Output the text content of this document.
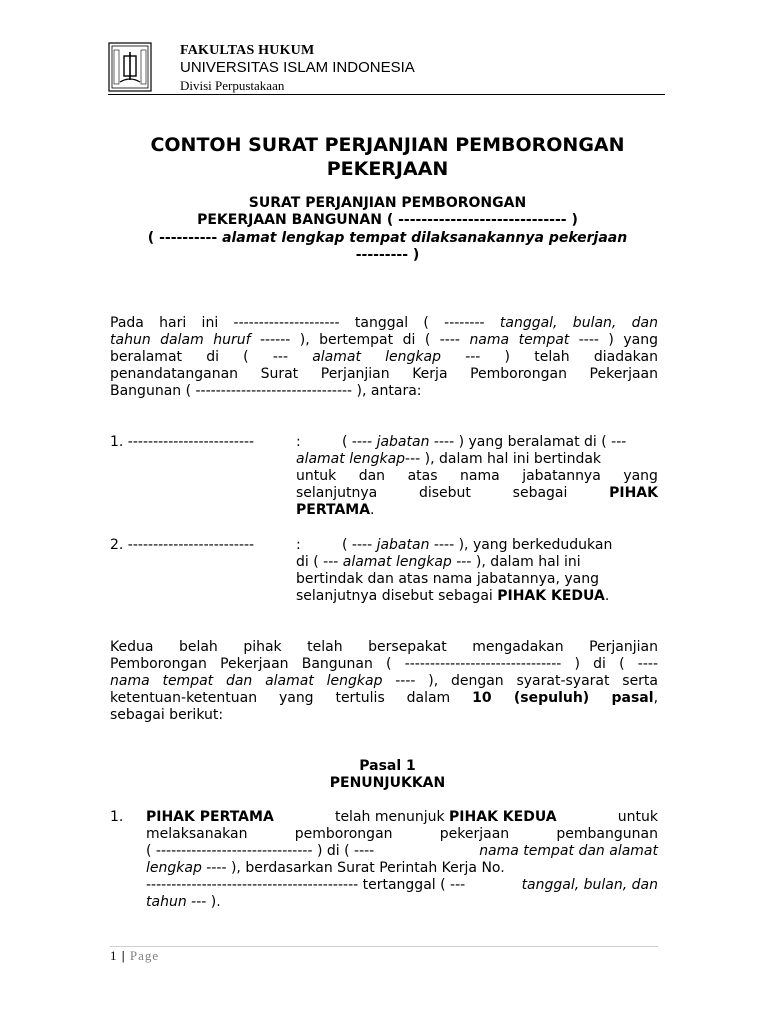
FAKULTAS HUKUM
UNIVERSITAS ISLAM INDONESIA
Divisi Perpustakaan
CONTOH SURAT PERJANJIAN PEMBORONGAN
PEKERJAAN
SURAT PERJANJIAN PEMBORONGAN
PEKERJAAN BANGUNAN ( ----------------------------- )
( ---------- alamat lengkap tempat dilaksanakannya pekerjaan
--------- )
Pada hari ini --------------------- tanggal ( -------- tanggal, bulan, dan
tahun dalam huruf ------ ), bertempat di ( ---- nama tempat ---- ) yang
beralamat di ( --- alamat lengkap --- ) telah diadakan
penandatanganan Surat Perjanjian Kerja Pemborongan Pekerjaan
Bangunan ( ------------------------------- ), antara:
1. -------------------------	:	( ---- jabatan ---- ) yang beralamat di ( ---
alamat lengkap --- ), dalam hal ini bertindak
untuk dan atas nama jabatannya yang
selanjutnya	disebut	sebagai	PIHAK
PERTAMA.
2. -------------------------	:	( ---- jabatan ---- ), yang berkedudukan
di ( --- alamat lengkap --- ), dalam hal ini
bertindak dan atas nama jabatannya, yang
selanjutnya disebut sebagai PIHAK KEDUA.
Kedua belah pihak telah bersepakat mengadakan Perjanjian
Pemborongan Pekerjaan Bangunan ( ------------------------------- ) di ( ----
nama tempat dan alamat lengkap ---- ), dengan syarat-syarat serta
ketentuan-ketentuan yang tertulis dalam 10 (sepuluh) pasal,
sebagai berikut:
Pasal 1
PENUNJUKKAN
1. PIHAK PERTAMA	telah menunjuk PIHAK KEDUA	untuk
melaksanakan	pemborongan	pekerjaan	pembangunan
( ------------------------------- ) di ( ----	nama tempat dan alamat
lengkap ---- ), berdasarkan Surat Perintah Kerja No.
------------------------------------------ tertanggal ( ---	tanggal, bulan, dan
tahun --- ).
1 | Page
